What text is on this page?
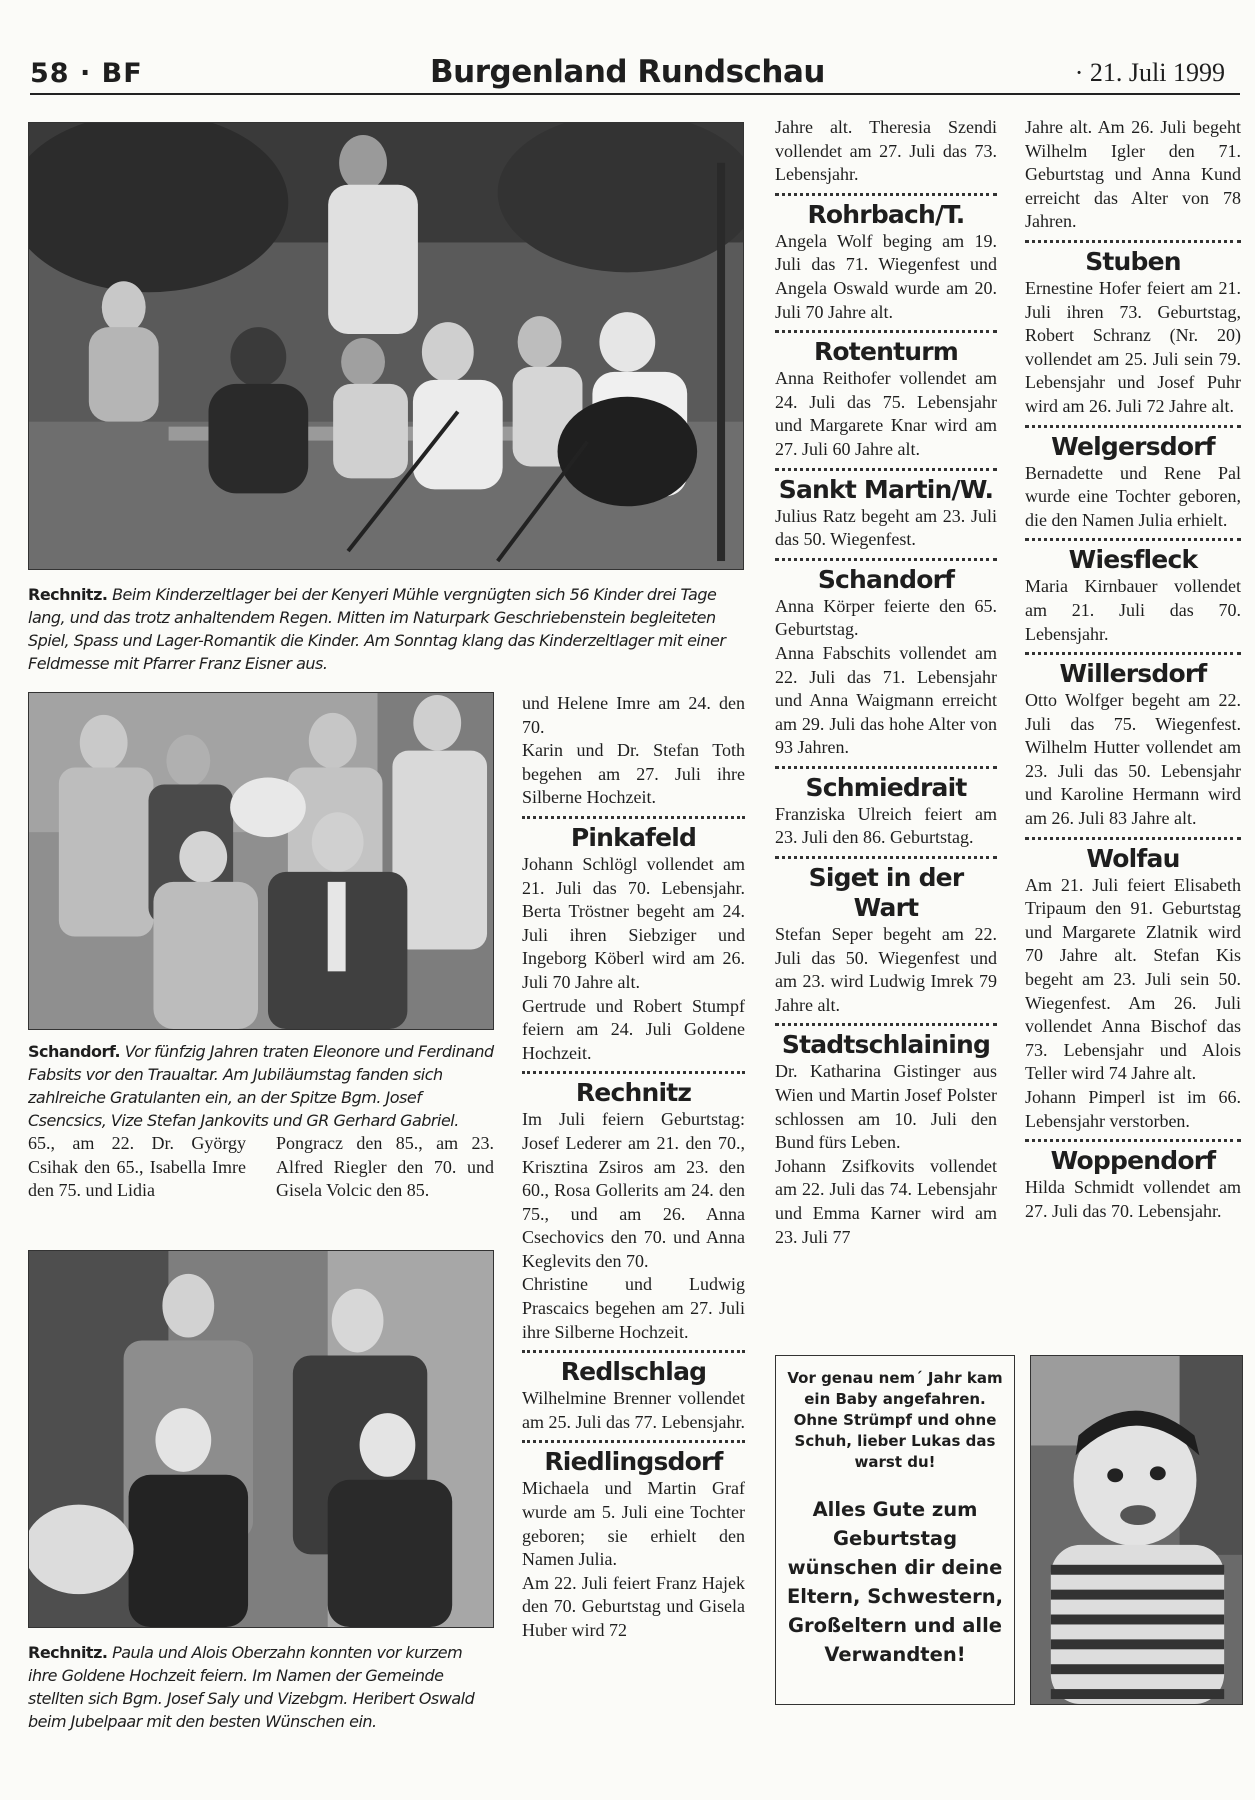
58 · BF	Burgenland Rundschau	· 21. Juli 1999
Rechnitz. Beim Kinderzeltlager bei der Kenyeri Mühle vergnügten sich 56 Kinder drei Tage lang, und das trotz anhaltendem Regen. Mitten im Naturpark Geschriebenstein begleiteten Spiel, Spass und Lager-Romantik die Kinder. Am Sonntag klang das Kinderzeltlager mit einer Feldmesse mit Pfarrer Franz Eisner aus.
Schandorf. Vor fünfzig Jahren traten Eleonore und Ferdinand Fabsits vor den Traualtar. Am Jubiläumstag fanden sich zahlreiche Gratulanten ein, an der Spitze Bgm. Josef Csencsics, Vize Stefan Jankovits und GR Gerhard Gabriel.

65., am 22. Dr. György Csihak den 65., Isabella Imre den 75. und Lidia

Pongracz den 85., am 23. Alfred Riegler den 70. und Gisela Volcic den 85.

Rechnitz. Paula und Alois Oberzahn konnten vor kurzem ihre Goldene Hochzeit feiern. Im Namen der Gemeinde stellten sich Bgm. Josef Saly und Vizebgm. Heribert Oswald beim Jubelpaar mit den besten Wünschen ein.

und Helene Imre am 24. den 70.

Karin und Dr. Stefan Toth begehen am 27. Juli ihre Silberne Hochzeit.

Pinkafeld

Johann Schlögl vollendet am 21. Juli das 70. Lebensjahr. Berta Tröstner begeht am 24. Juli ihren Siebziger und Ingeborg Köberl wird am 26. Juli 70 Jahre alt.

Gertrude und Robert Stumpf feiern am 24. Juli Goldene Hochzeit.

Rechnitz

Im Juli feiern Geburtstag: Josef Lederer am 21. den 70., Krisztina Zsiros am 23. den 60., Rosa Gollerits am 24. den 75., und am 26. Anna Csechovics den 70. und Anna Keglevits den 70.

Christine und Ludwig Prascaics begehen am 27. Juli ihre Silberne Hochzeit.

Redlschlag

Wilhelmine Brenner vollendet am 25. Juli das 77. Lebensjahr.

Riedlingsdorf

Michaela und Martin Graf wurde am 5. Juli eine Tochter geboren; sie erhielt den Namen Julia.

Am 22. Juli feiert Franz Hajek den 70. Geburtstag und Gisela Huber wird 72

Jahre alt. Theresia Szendi vollendet am 27. Juli das 73. Lebensjahr.

Rohrbach/T.

Angela Wolf beging am 19. Juli das 71. Wiegenfest und Angela Oswald wurde am 20. Juli 70 Jahre alt.

Rotenturm

Anna Reithofer vollendet am 24. Juli das 75. Lebensjahr und Margarete Knar wird am 27. Juli 60 Jahre alt.

Sankt Martin/W.

Julius Ratz begeht am 23. Juli das 50. Wiegenfest.

Schandorf

Anna Körper feierte den 65. Geburtstag.

Anna Fabschits vollendet am 22. Juli das 71. Lebensjahr und Anna Waigmann erreicht am 29. Juli das hohe Alter von 93 Jahren.

Schmiedrait

Franziska Ulreich feiert am 23. Juli den 86. Geburtstag.

Siget in der Wart

Stefan Seper begeht am 22. Juli das 50. Wiegenfest und am 23. wird Ludwig Imrek 79 Jahre alt.

Stadtschlaining

Dr. Katharina Gistinger aus Wien und Martin Josef Polster schlossen am 10. Juli den Bund fürs Leben.

Johann Zsifkovits vollendet am 22. Juli das 74. Lebensjahr und Emma Karner wird am 23. Juli 77

Jahre alt. Am 26. Juli begeht Wilhelm Igler den 71. Geburtstag und Anna Kund erreicht das Alter von 78 Jahren.

Stuben

Ernestine Hofer feiert am 21. Juli ihren 73. Geburtstag, Robert Schranz (Nr. 20) vollendet am 25. Juli sein 79. Lebensjahr und Josef Puhr wird am 26. Juli 72 Jahre alt.

Welgersdorf

Bernadette und Rene Pal wurde eine Tochter geboren, die den Namen Julia erhielt.

Wiesfleck

Maria Kirnbauer vollendet am 21. Juli das 70. Lebensjahr.

Willersdorf

Otto Wolfger begeht am 22. Juli das 75. Wiegenfest. Wilhelm Hutter vollendet am 23. Juli das 50. Lebensjahr und Karoline Hermann wird am 26. Juli 83 Jahre alt.

Wolfau

Am 21. Juli feiert Elisabeth Tripaum den 91. Geburtstag und Margarete Zlatnik wird 70 Jahre alt. Stefan Kis begeht am 23. Juli sein 50. Wiegenfest. Am 26. Juli vollendet Anna Bischof das 73. Lebensjahr und Alois Teller wird 74 Jahre alt.

Johann Pimperl ist im 66. Lebensjahr verstorben.

Woppendorf

Hilda Schmidt vollendet am 27. Juli das 70. Lebensjahr.

Vor genau nem´ Jahr kam ein Baby angefahren. Ohne Strümpf und ohne Schuh, lieber Lukas das warst du!

Alles Gute zum Geburtstag wünschen dir deine Eltern, Schwestern, Großeltern und alle Verwandten!
